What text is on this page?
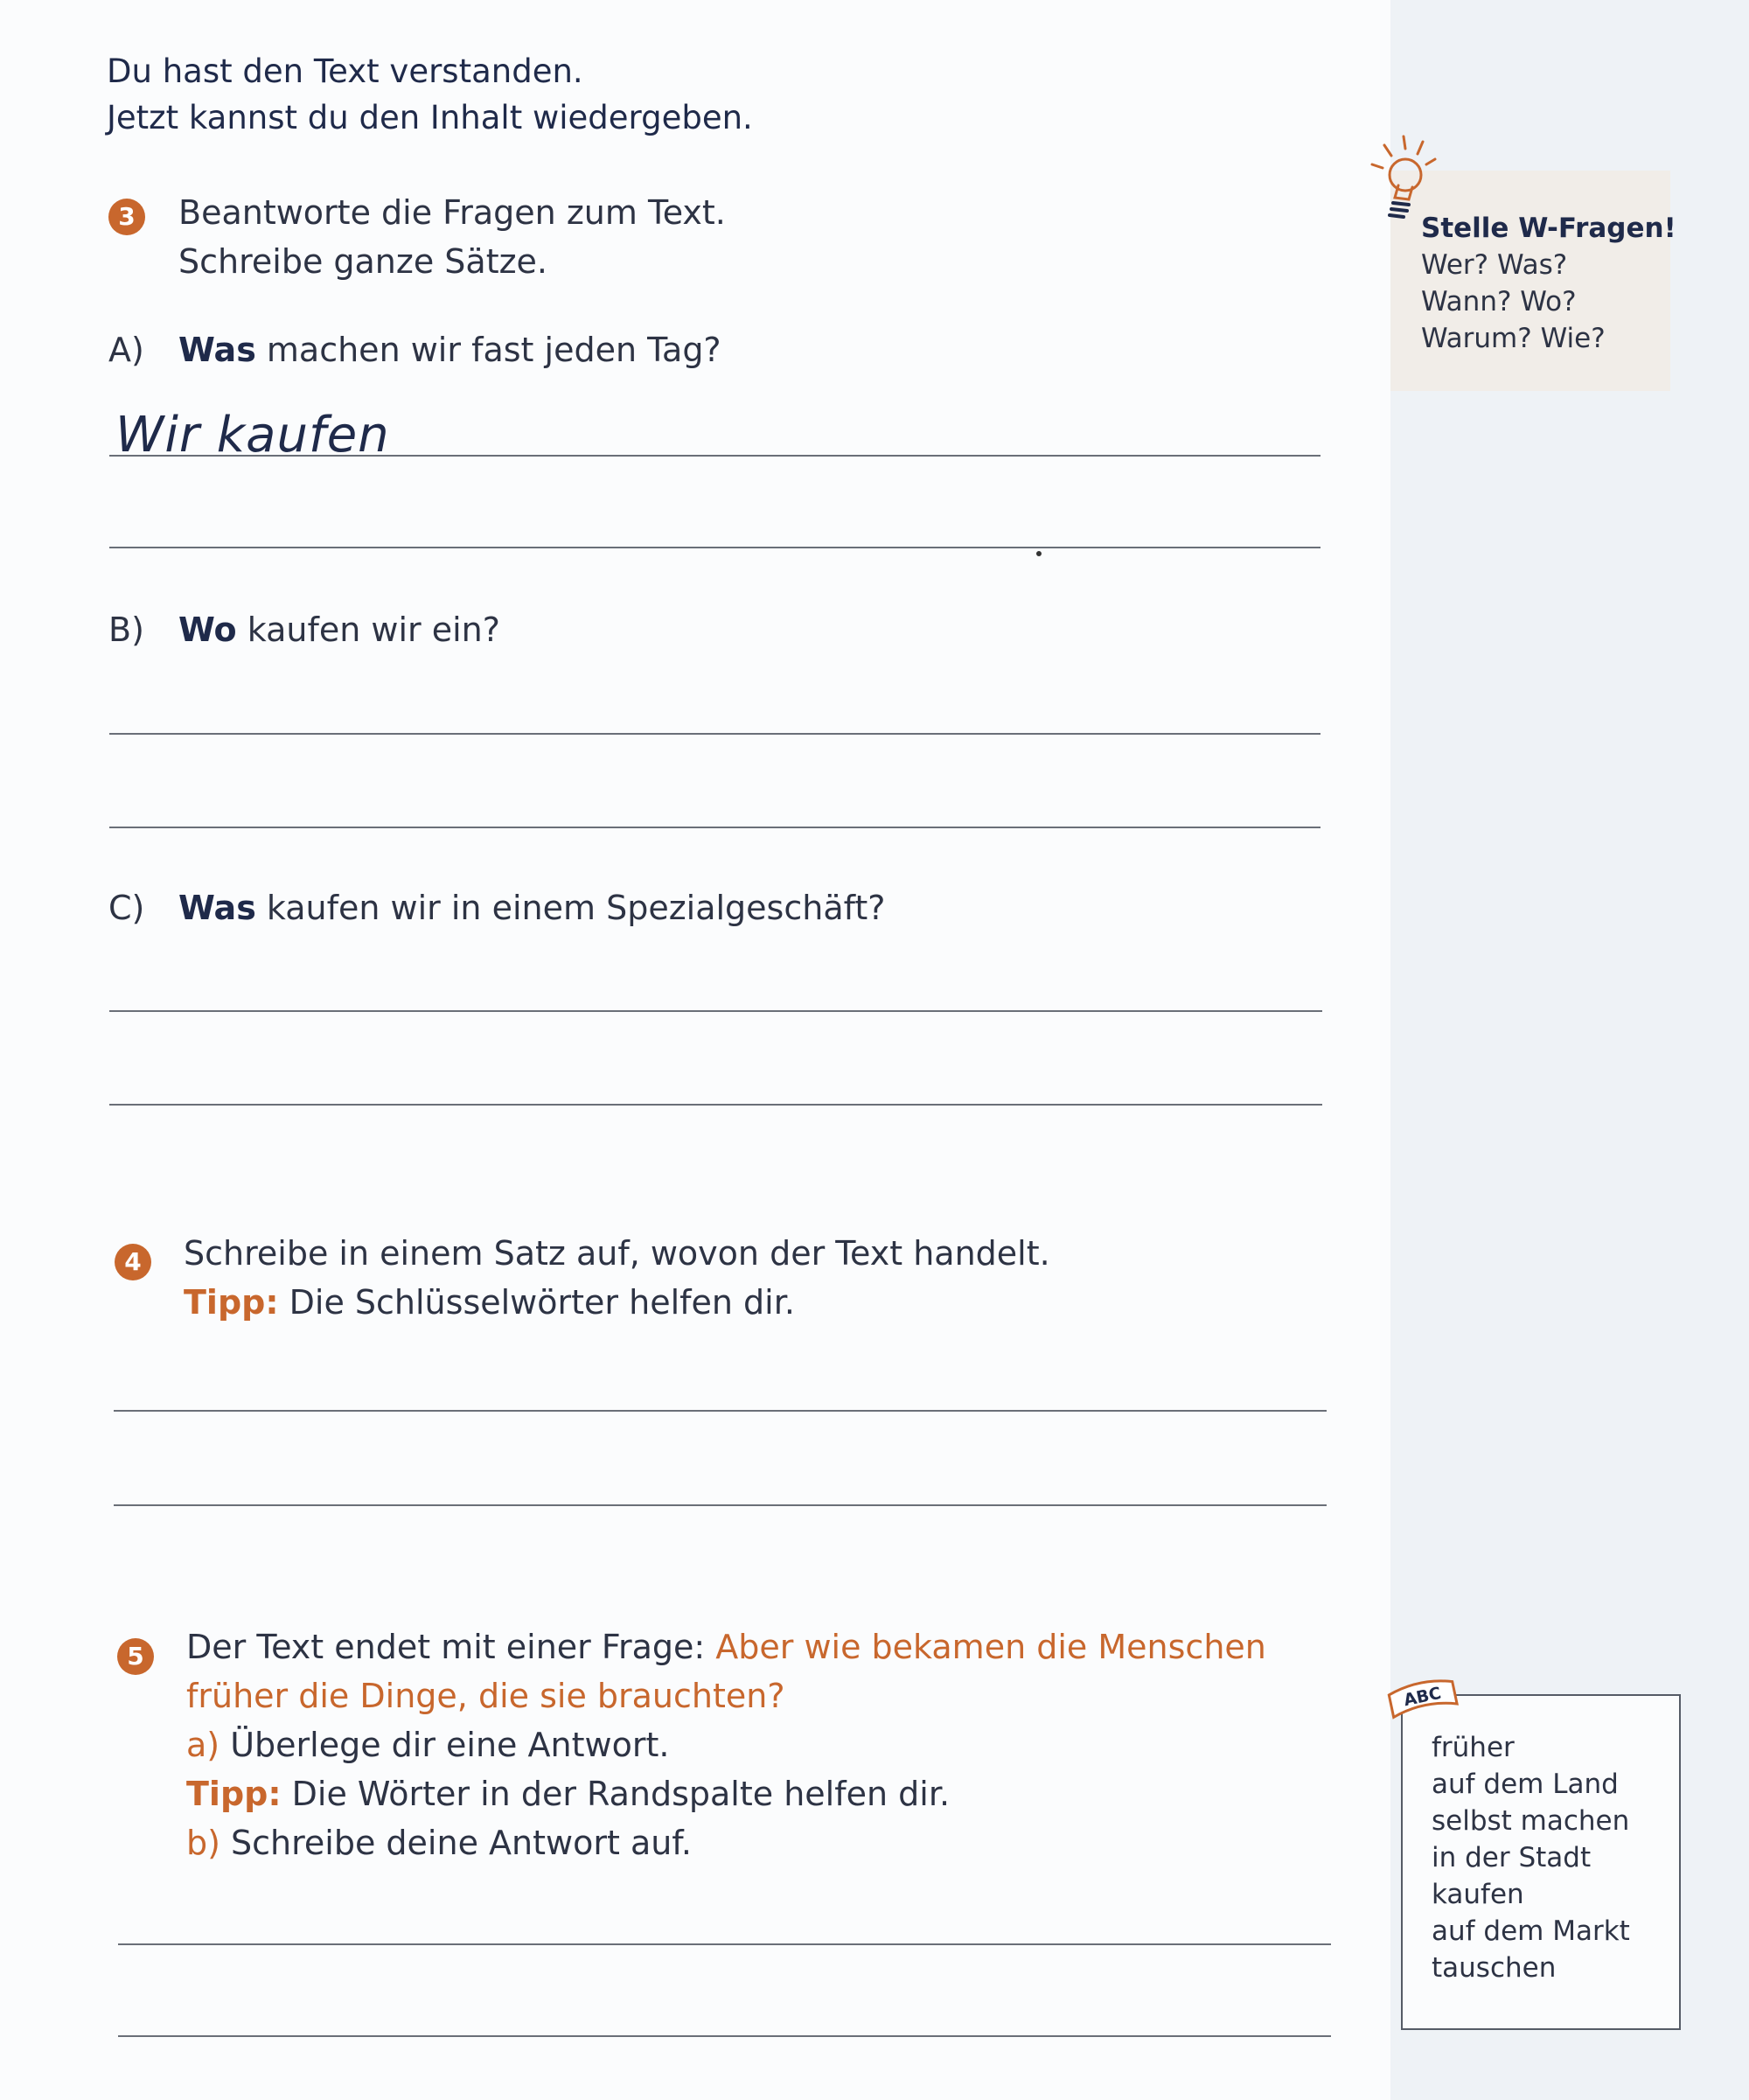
Du hast den Text verstanden.
Jetzt kannst du den Inhalt wiedergeben.
3 Beantworte die Fragen zum Text.
Schreibe ganze Sätze.
A) Was machen wir fast jeden Tag?
Wir kaufen
B) Wo kaufen wir ein?
C) Was kaufen wir in einem Spezialgeschäft?
4 Schreibe in einem Satz auf, wovon der Text handelt.
Tipp: Die Schlüsselwörter helfen dir.
5 Der Text endet mit einer Frage: Aber wie bekamen die Menschen
früher die Dinge, die sie brauchten?
a) Überlege dir eine Antwort.
Tipp: Die Wörter in der Randspalte helfen dir.
b) Schreibe deine Antwort auf.
Stelle W-Fragen!
Wer? Was?
Wann? Wo?
Warum? Wie?
ABC
früher
auf dem Land
selbst machen
in der Stadt
kaufen
auf dem Markt
tauschen
